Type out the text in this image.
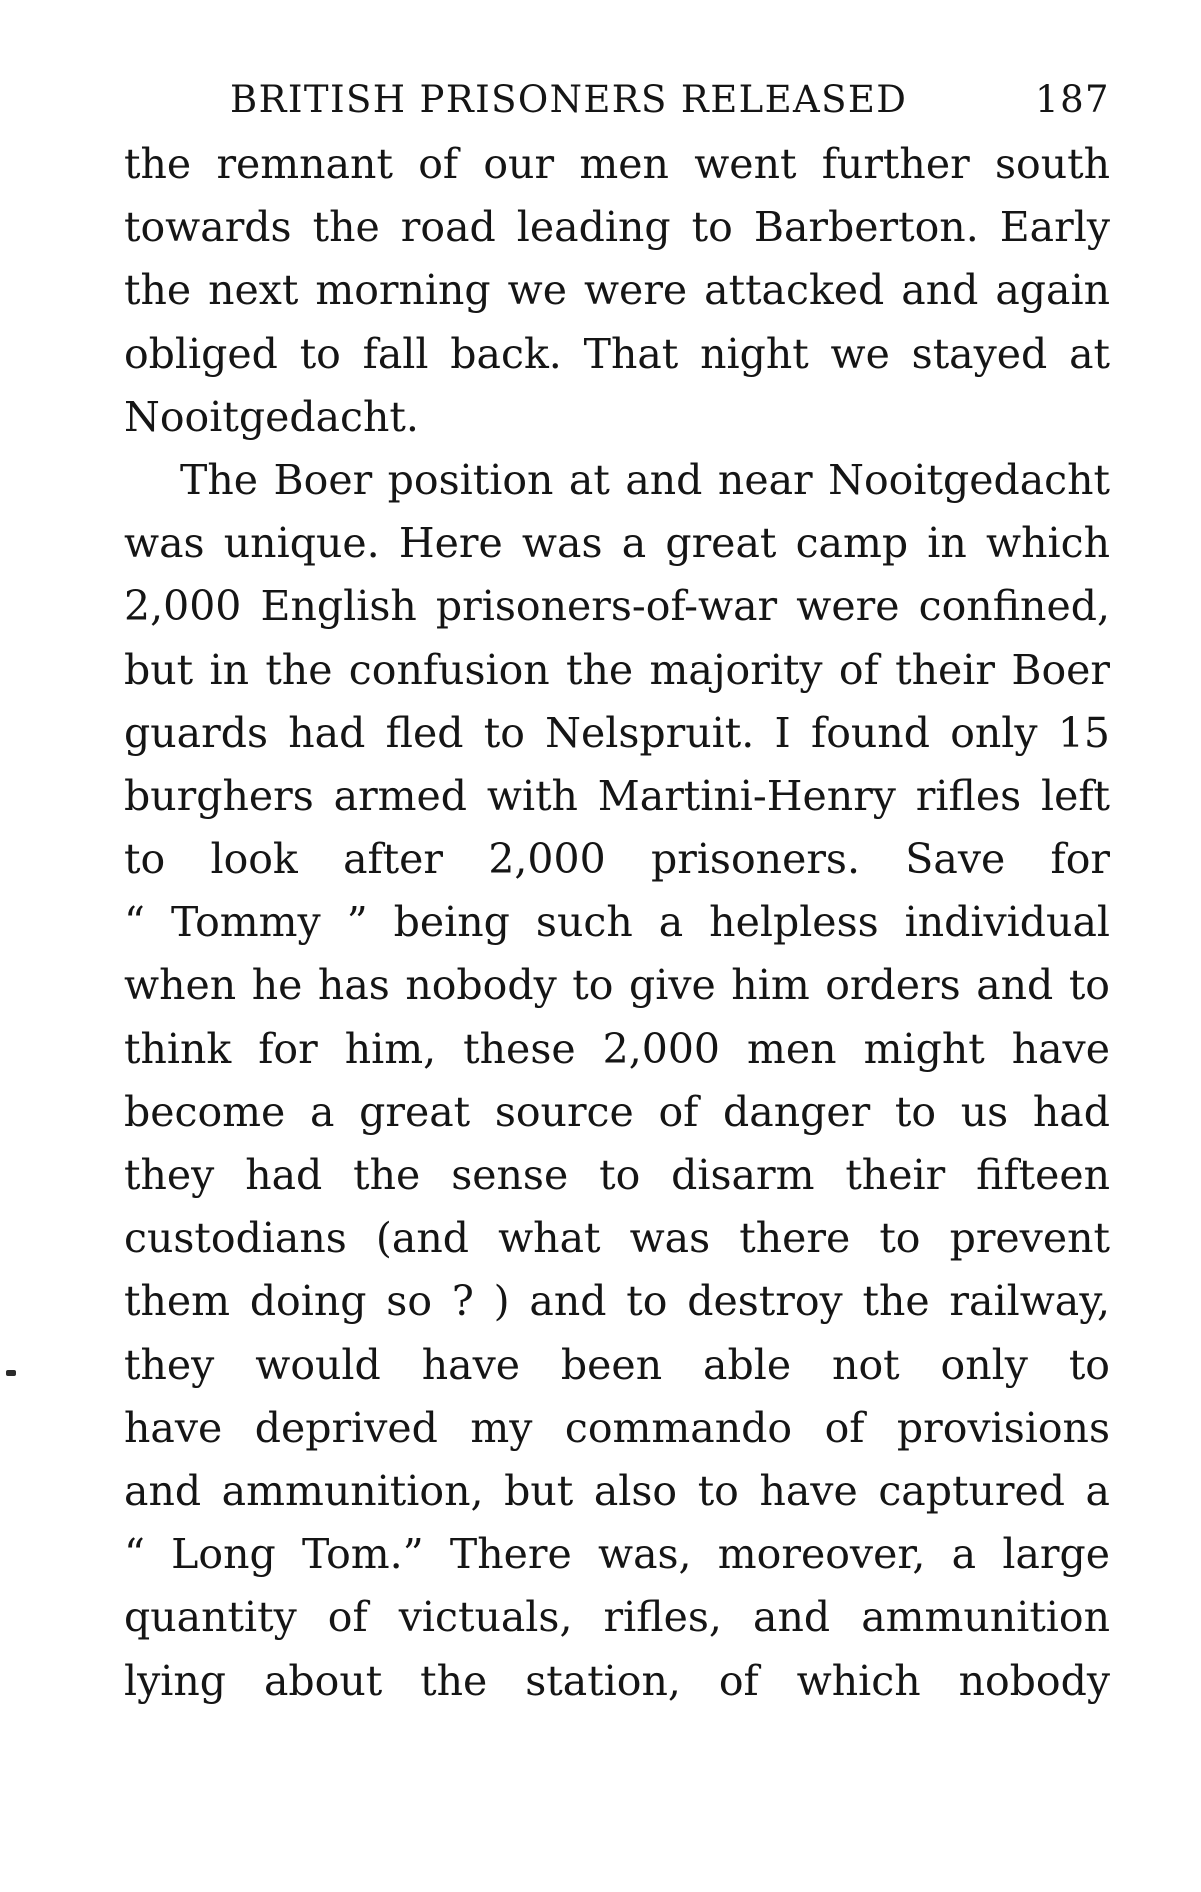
BRITISH PRISONERS RELEASED	187
the remnant of our men went further south
towards the road leading to Barberton. Early
the next morning we were attacked and again
obliged to fall back. That night we stayed at
Nooitgedacht.
The Boer position at and near Nooitgedacht
was unique. Here was a great camp in which
2,000 English prisoners-of-war were confined,
but in the confusion the majority of their Boer
guards had fled to Nelspruit. I found only 15
burghers armed with Martini-Henry rifles left
to look after 2,000 prisoners. Save for
“ Tommy ” being such a helpless individual
when he has nobody to give him orders and to
think for him, these 2,000 men might have
become a great source of danger to us had
they had the sense to disarm their fifteen
custodians (and what was there to prevent
them doing so ? ) and to destroy the railway,
they would have been able not only to
have deprived my commando of provisions
and ammunition, but also to have captured a
“ Long Tom.” There was, moreover, a large
quantity of victuals, rifles, and ammunition
lying about the station, of which nobody
